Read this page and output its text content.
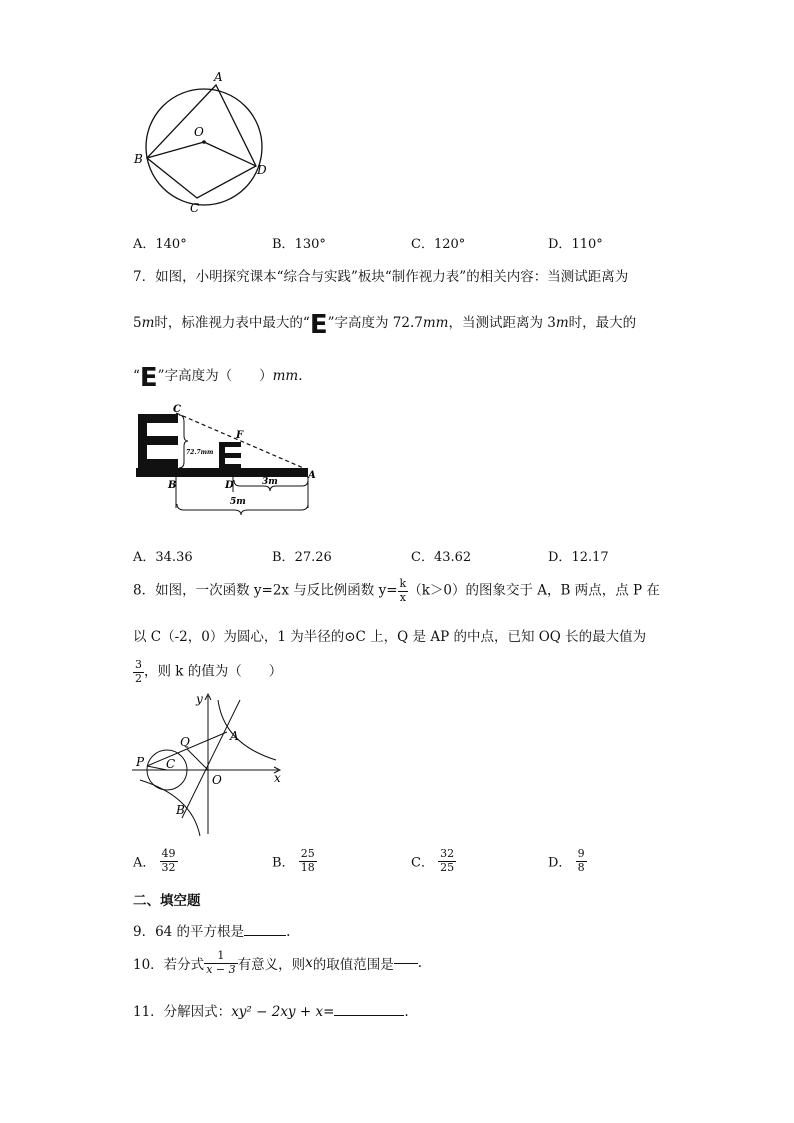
A
O
B
D
C
A．140°	B．130°	C．120°	D．110°
7．如图，小明探究课本“综合与实践”板块“制作视力表”的相关内容：当测试距离为
5m时，标准视力表中最大的“E”字高度为 72.7mm，当测试距离为 3m时，最大的
“E”字高度为（　　）mm.
72.7mm
3m
5m
C
F
B	D
A
A．34.36	B．27.26	C．43.62	D．12.17
8．如图，一次函数 y=2x 与反比例函数 $y= \frac{k}{x} (k>0)$的图象交于 A，B 两点，点 P 在
以 C（-2，0）为圆心，1 为半径的⊙C 上，Q 是 AP 的中点，已知 OQ 长的最大值为
$\frac{3}{2}$ ，则 k 的值为（　　）
y
x
A
Q
P C
O
B
A． $\frac{49}{32}$	B． $\frac{25}{18}$	C． $\frac{32}{25}$	D． $\frac{9}{8}$
二、填空题
9．64 的平方根是	.
10．若分式 $\frac{1}{x - 3}$ 有意义，则x的取值范围是 .
11．分解因式：xy² − 2xy + x=	.
